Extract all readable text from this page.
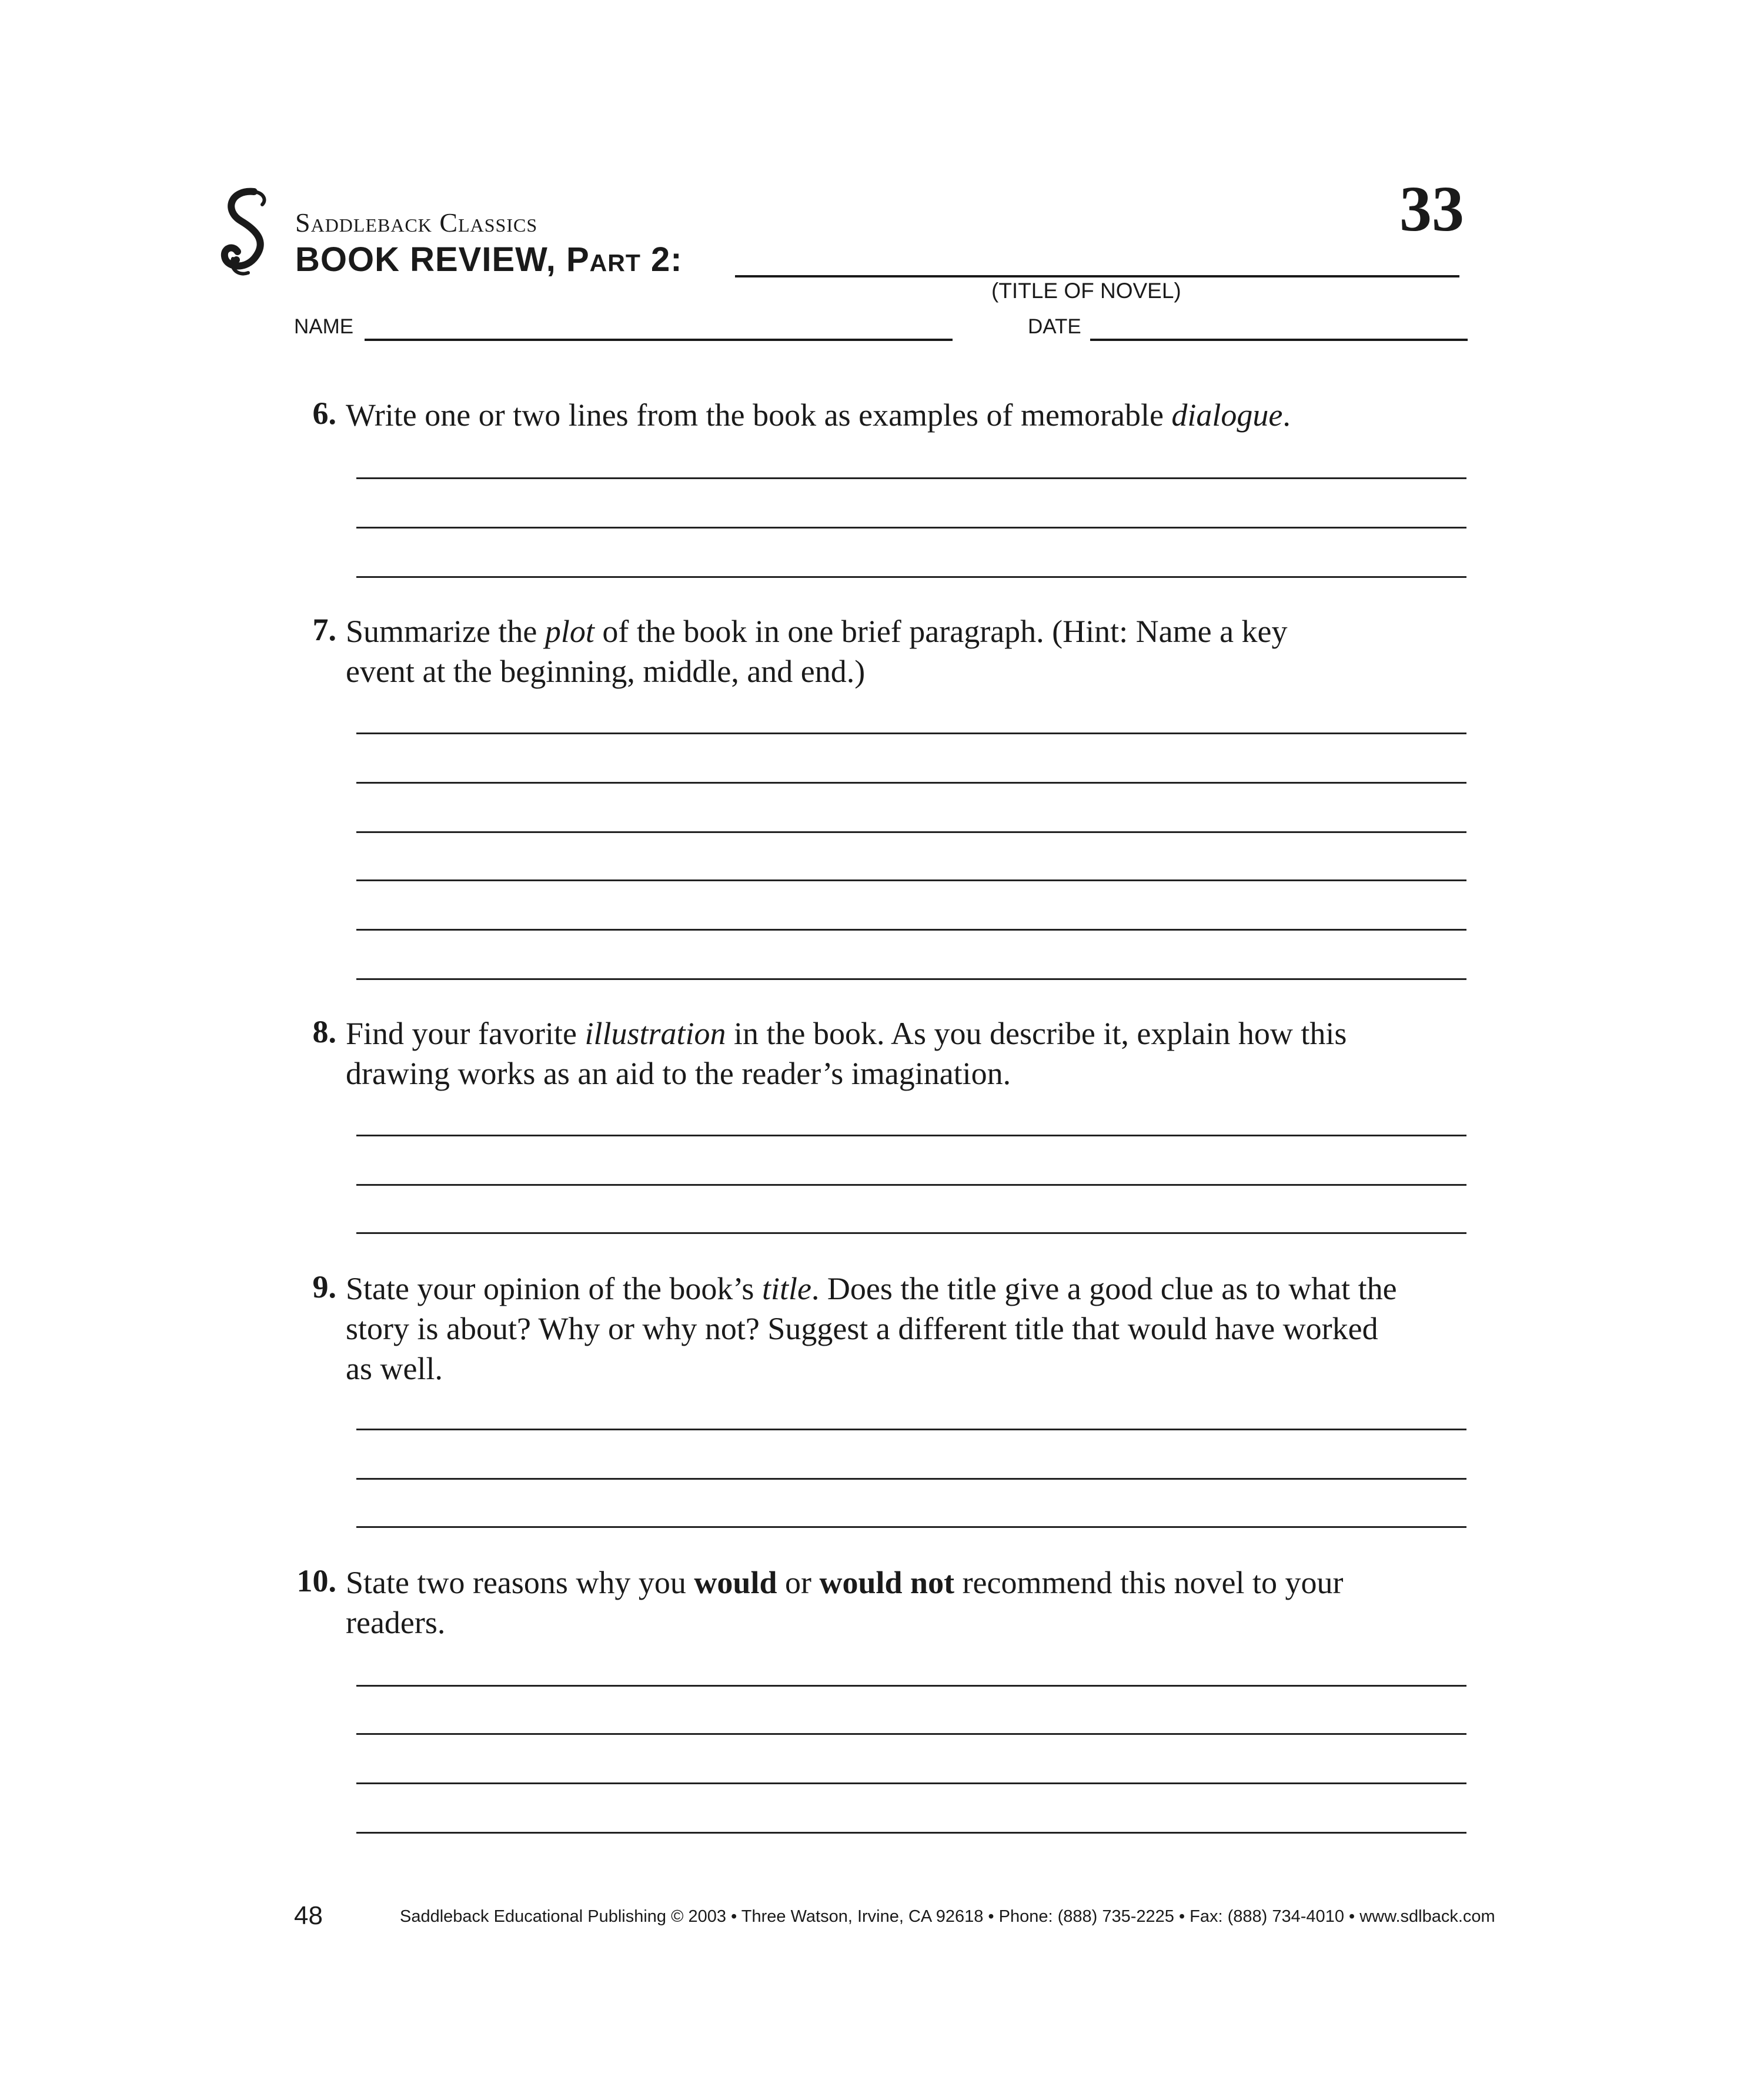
Saddleback Classics	33
BOOK REVIEW, Part 2:
(TITLE OF NOVEL)
NAME	DATE
6. Write one or two lines from the book as examples of memorable dialogue.
7. Summarize the plot of the book in one brief paragraph. (Hint: Name a key event at the beginning, middle, and end.)
8. Find your favorite illustration in the book. As you describe it, explain how this drawing works as an aid to the reader’s imagination.
9. State your opinion of the book’s title. Does the title give a good clue as to what the story is about? Why or why not? Suggest a different title that would have worked as well.
10. State two reasons why you would or would not recommend this novel to your readers.
48	Saddleback Educational Publishing © 2003 • Three Watson, Irvine, CA 92618 • Phone: (888) 735-2225 • Fax: (888) 734-4010 • www.sdlback.com
